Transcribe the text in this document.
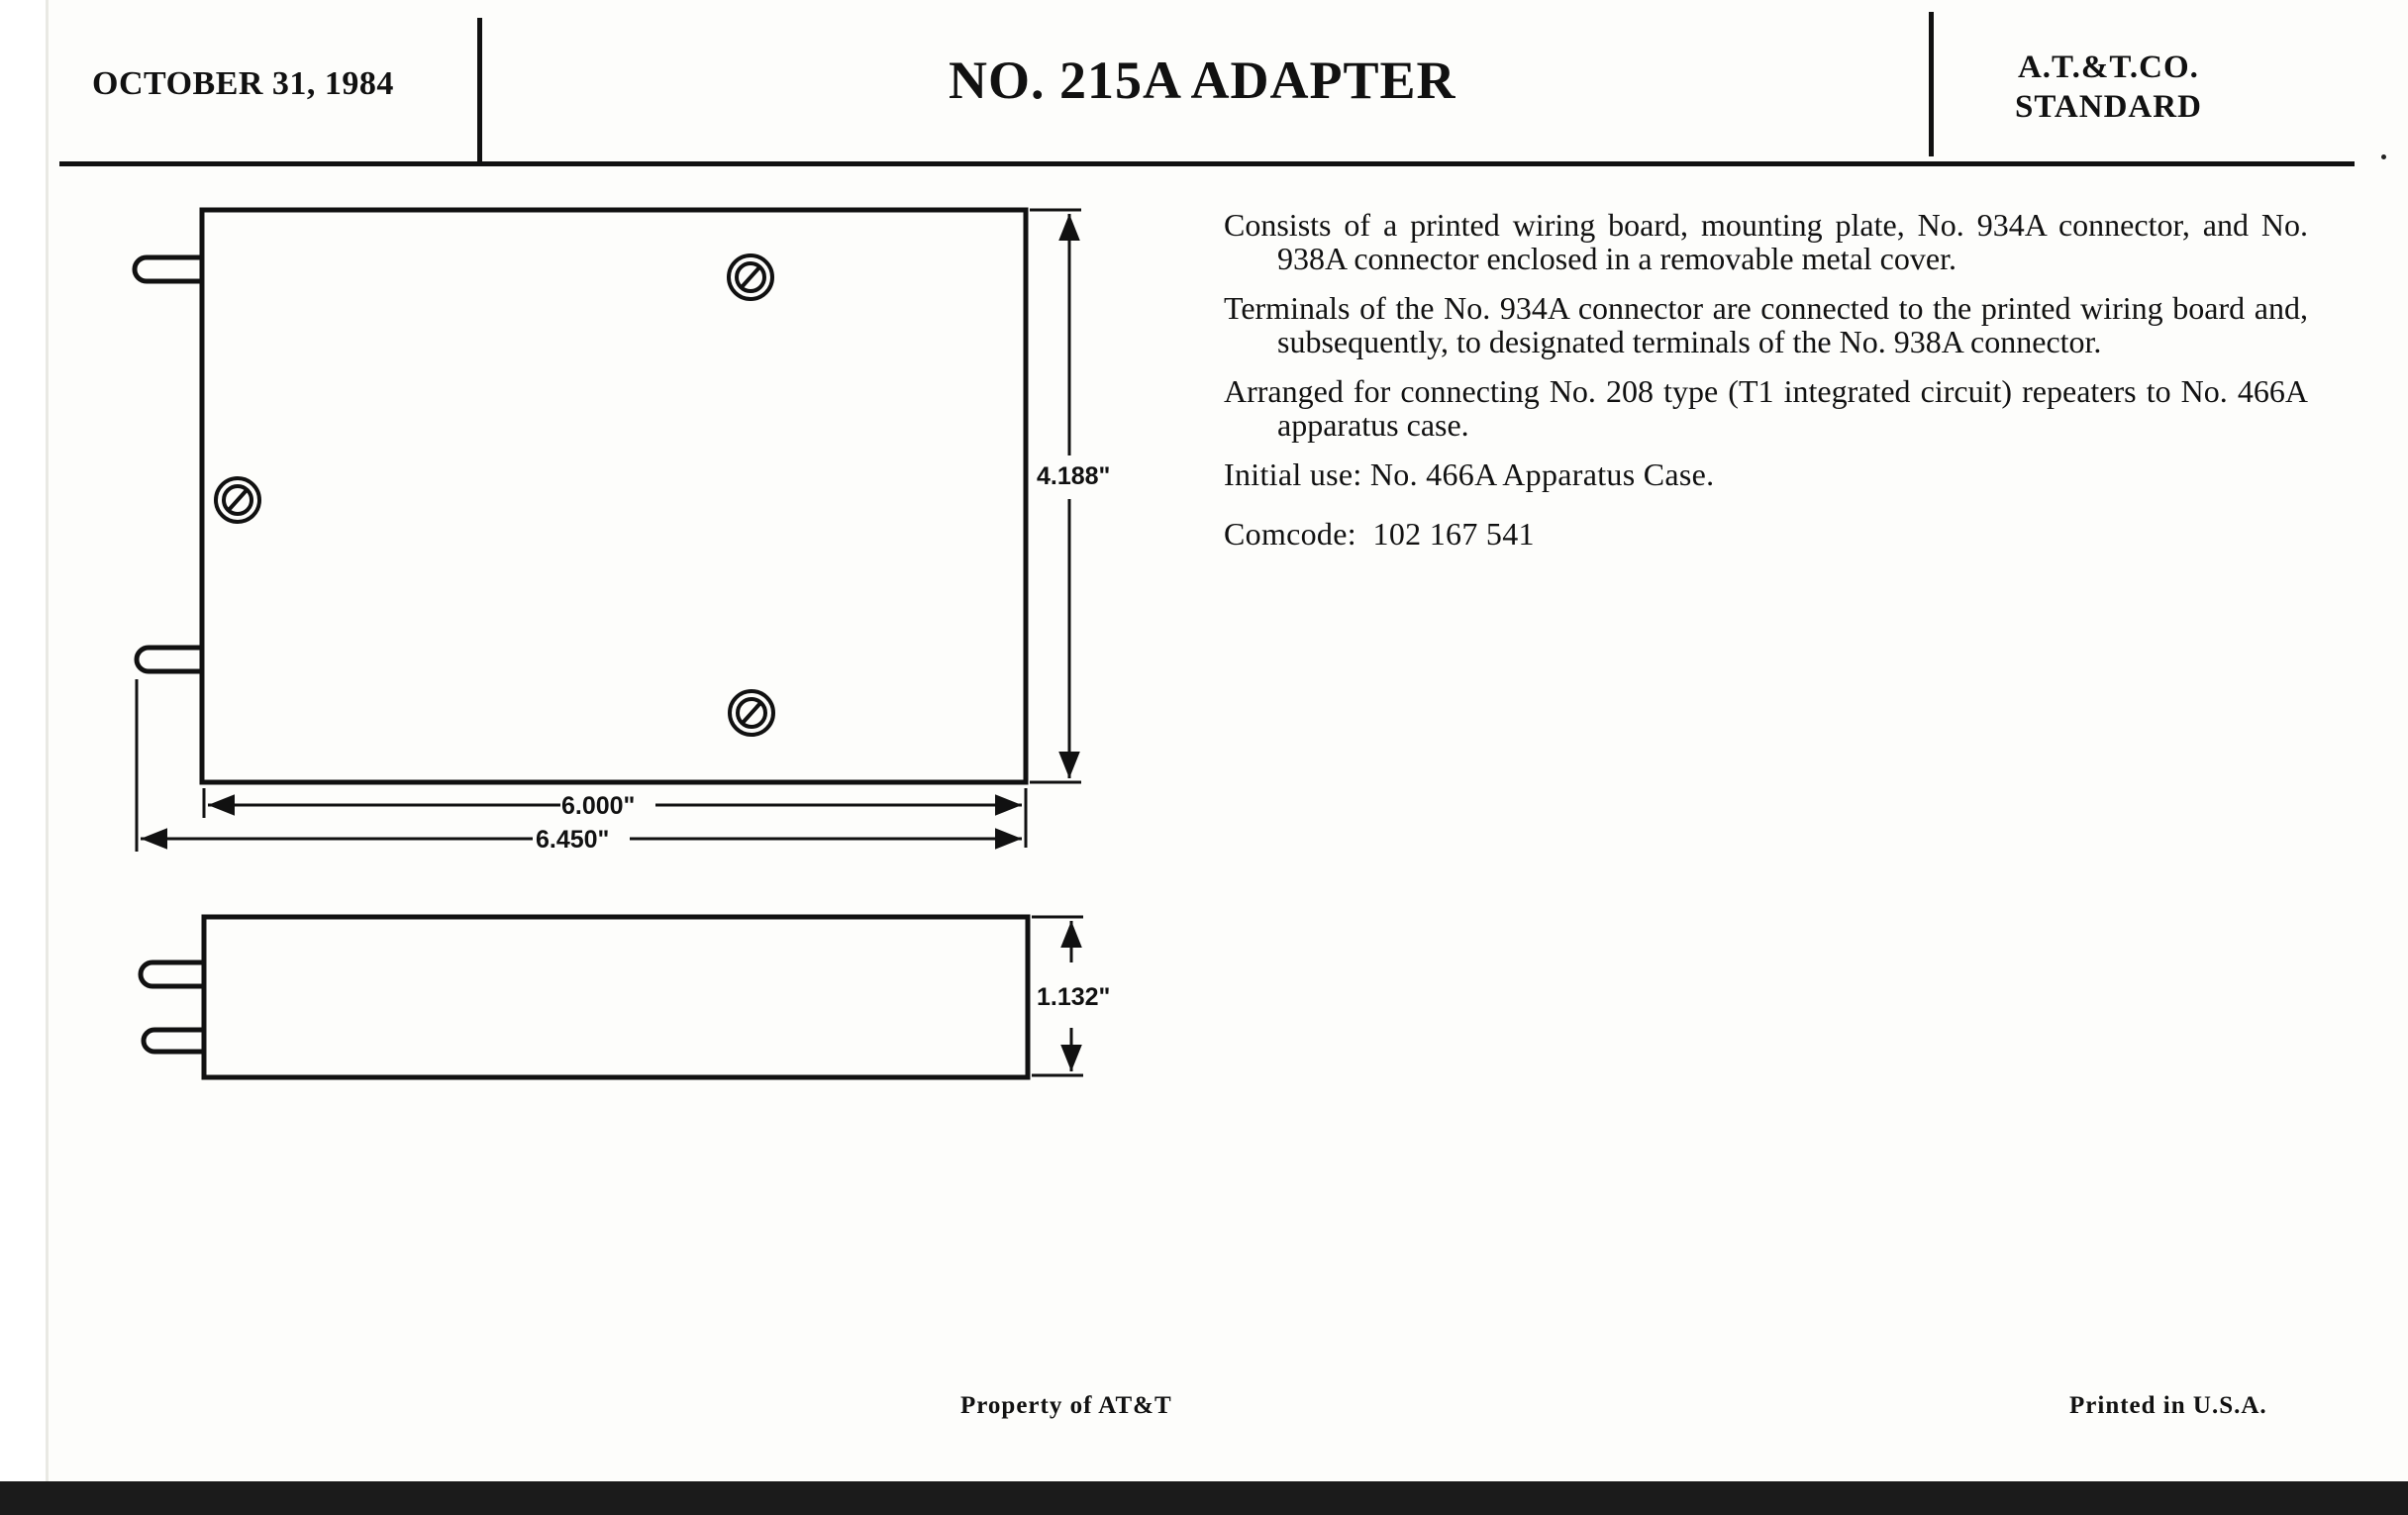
OCTOBER 31, 1984	NO. 215A ADAPTER	A.T.&T.CO.
STANDARD
4.188"
6.000"
6.450"
1.132"

Consists of a printed wiring board, mounting plate, No. 934A connector, and No. 938A connector enclosed in a removable metal cover.

Terminals of the No. 934A connector are connected to the printed wiring board and, subsequently, to designated terminals of the No. 938A connector.

Arranged for connecting No. 208 type (T1 integrated circuit) repeaters to No. 466A apparatus case.

Initial use: No. 466A Apparatus Case.

Comcode:  102 167 541

Property of AT&T	Printed in U.S.A.
